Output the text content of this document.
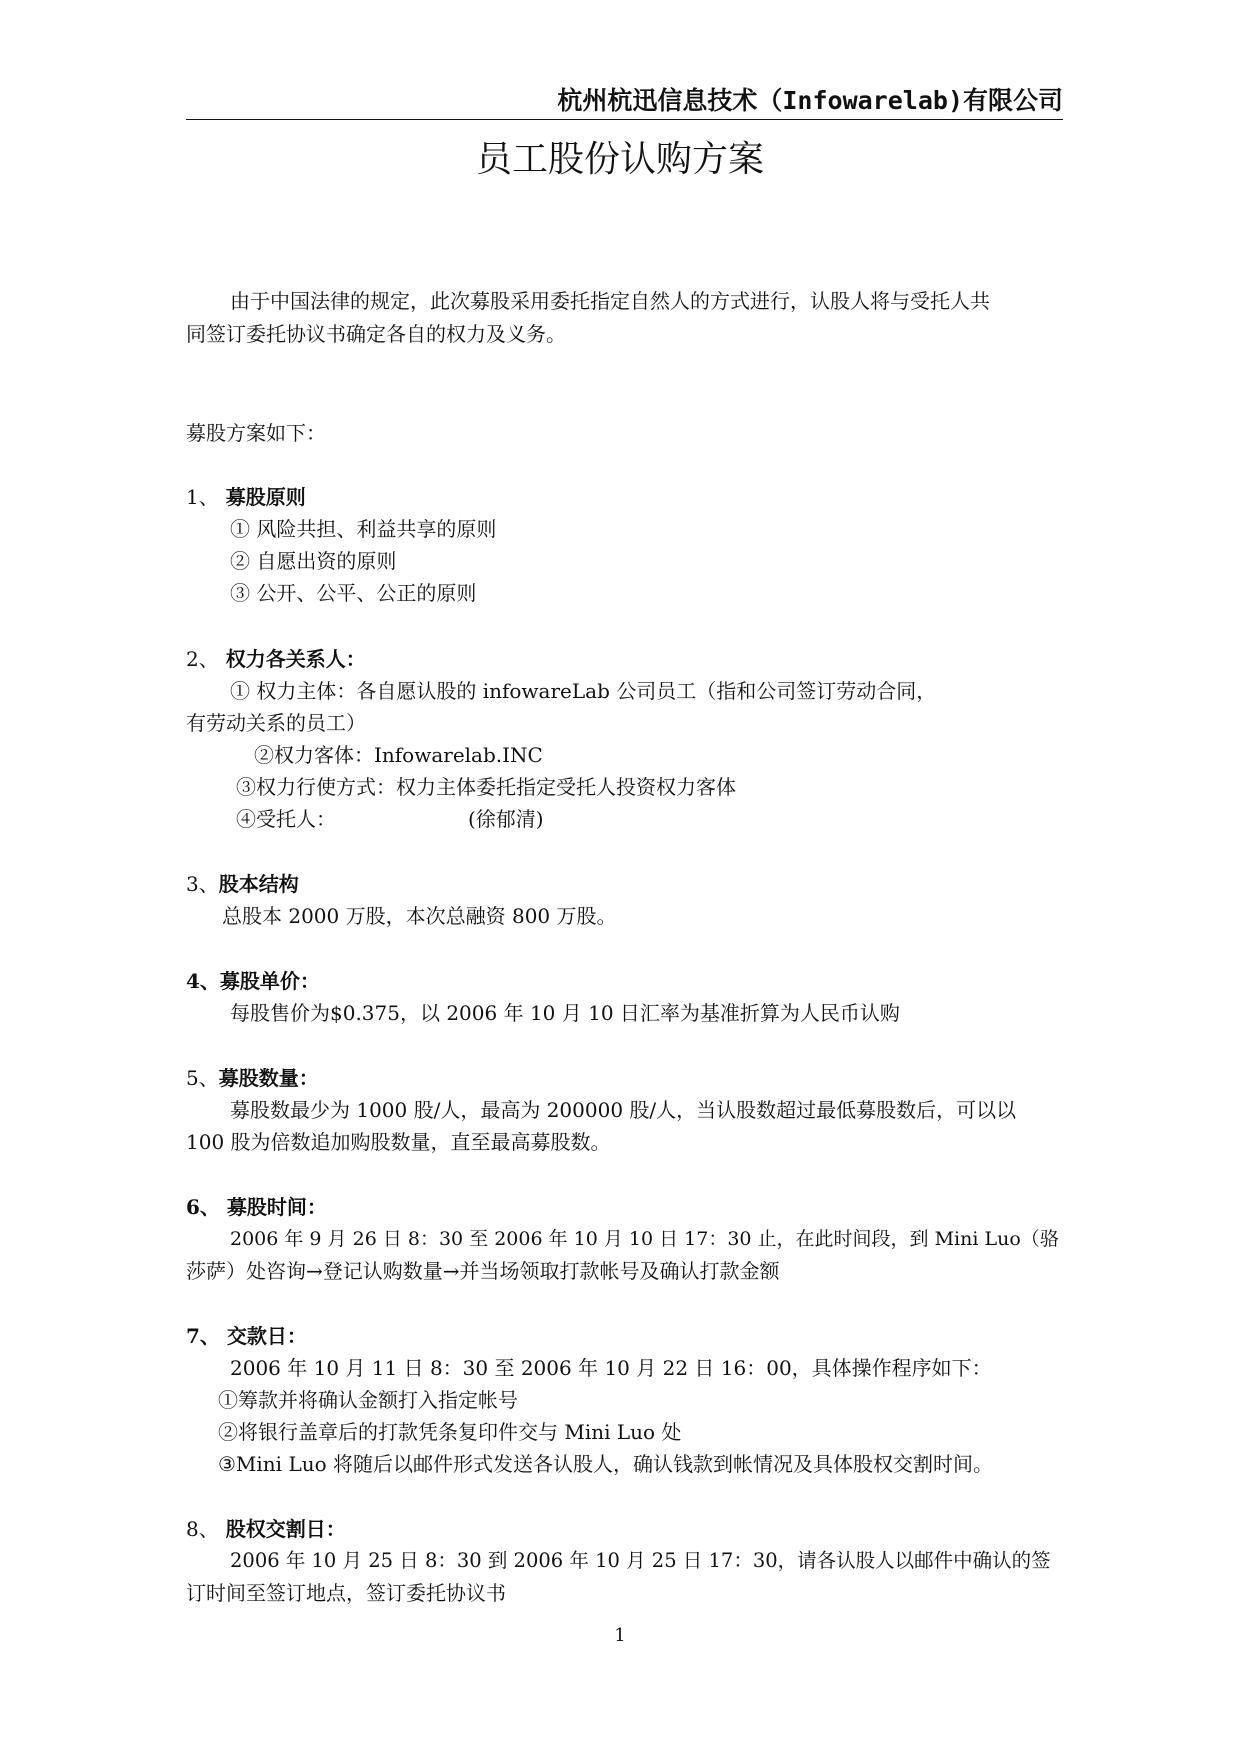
杭州杭迅信息技术（Infowarelab)有限公司
员工股份认购方案
由于中国法律的规定，此次募股采用委托指定自然人的方式进行，认股人将与受托人共
同签订委托协议书确定各自的权力及义务。
募股方案如下：
1、 募股原则
① 风险共担、利益共享的原则
② 自愿出资的原则
③ 公开、公平、公正的原则
2、 权力各关系人：
① 权力主体：各自愿认股的 infowareLab 公司员工（指和公司签订劳动合同，
有劳动关系的员工）
②权力客体：Infowarelab.INC
③权力行使方式：权力主体委托指定受托人投资权力客体
④受托人：	(徐郁清)
3、股本结构
总股本 2000 万股，本次总融资 800 万股。
4、募股单价：
每股售价为$0.375，以 2006 年 10 月 10 日汇率为基准折算为人民币认购
5、募股数量：
募股数最少为 1000 股/人，最高为 200000 股/人，当认股数超过最低募股数后，可以以
100 股为倍数追加购股数量，直至最高募股数。
6、 募股时间：
2006 年 9 月 26 日 8：30 至 2006 年 10 月 10 日 17：30 止，在此时间段，到 Mini Luo（骆
莎萨）处咨询→登记认购数量→并当场领取打款帐号及确认打款金额
7、 交款日：
2006 年 10 月 11 日 8：30 至 2006 年 10 月 22 日 16：00，具体操作程序如下：
①筹款并将确认金额打入指定帐号
②将银行盖章后的打款凭条复印件交与 Mini Luo 处
③Mini Luo 将随后以邮件形式发送各认股人，确认钱款到帐情况及具体股权交割时间。
8、 股权交割日：
2006 年 10 月 25 日 8：30 到 2006 年 10 月 25 日 17：30，请各认股人以邮件中确认的签
订时间至签订地点，签订委托协议书
1
